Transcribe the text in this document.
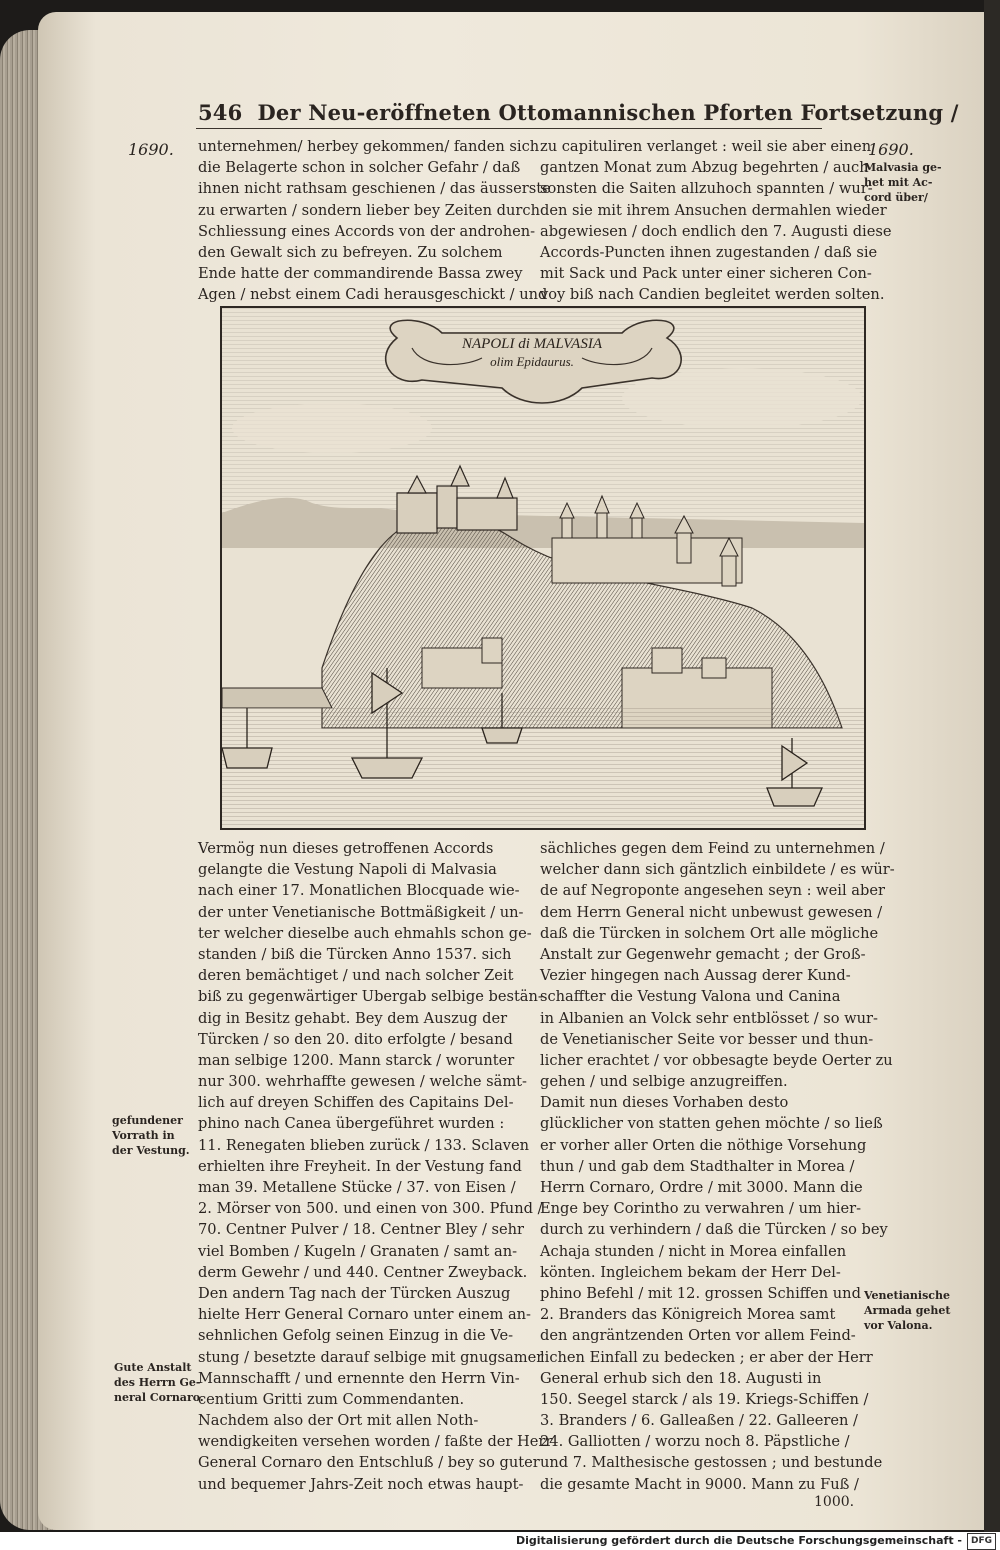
546 Der Neu-eröffneten Ottomannischen Pforten Fortsetzung /
1690.	1690.
Malvasia ge-
het mit Ac-
cord über/
gefundener
Vorrath in
der Vestung.
Gute Anstalt
des Herrn Ge-
neral Cornaro.
Venetianische
Armada gehet
vor Valona.
unternehmen/ herbey gekommen/ fanden sich
die Belagerte schon in solcher Gefahr / daß
ihnen nicht rathsam geschienen / das äusserste
zu erwarten / sondern lieber bey Zeiten durch
Schliessung eines Accords von der androhen-
den Gewalt sich zu befreyen. Zu solchem
Ende hatte der commandirende Bassa zwey
Agen / nebst einem Cadi herausgeschickt / und
zu capituliren verlanget : weil sie aber einen
gantzen Monat zum Abzug begehrten / auch
sonsten die Saiten allzuhoch spannten / wur-
den sie mit ihrem Ansuchen dermahlen wieder
abgewiesen / doch endlich den 7. Augusti diese
Accords-Puncten ihnen zugestanden / daß sie
mit Sack und Pack unter einer sicheren Con-
voy biß nach Candien begleitet werden solten.
NAPOLI di MALVASIA
olim Epidaurus.
Vermög nun dieses getroffenen Accords
gelangte die Vestung Napoli di Malvasia
nach einer 17. Monatlichen Blocquade wie-
der unter Venetianische Bottmäßigkeit / un-
ter welcher dieselbe auch ehmahls schon ge-
standen / biß die Türcken Anno 1537. sich
deren bemächtiget / und nach solcher Zeit
biß zu gegenwärtiger Ubergab selbige bestän-
dig in Besitz gehabt. Bey dem Auszug der
Türcken / so den 20. dito erfolgte / besand
man selbige 1200. Mann starck / worunter
nur 300. wehrhaffte gewesen / welche sämt-
lich auf dreyen Schiffen des Capitains Del-
phino nach Canea übergeführet wurden :
11. Renegaten blieben zurück / 133. Sclaven
erhielten ihre Freyheit. In der Vestung fand
man 39. Metallene Stücke / 37. von Eisen /
2. Mörser von 500. und einen von 300. Pfund /
70. Centner Pulver / 18. Centner Bley / sehr
viel Bomben / Kugeln / Granaten / samt an-
derm Gewehr / und 440. Centner Zweyback.
Den andern Tag nach der Türcken Auszug
hielte Herr General Cornaro unter einem an-
sehnlichen Gefolg seinen Einzug in die Ve-
stung / besetzte darauf selbige mit gnugsamer
Mannschafft / und ernennte den Herrn Vin-
centium Gritti zum Commendanten.
Nachdem also der Ort mit allen Noth-
wendigkeiten versehen worden / faßte der Herr
General Cornaro den Entschluß / bey so guter
und bequemer Jahrs-Zeit noch etwas haupt-
sächliches gegen dem Feind zu unternehmen /
welcher dann sich gäntzlich einbildete / es wür-
de auf Negroponte angesehen seyn : weil aber
dem Herrn General nicht unbewust gewesen /
daß die Türcken in solchem Ort alle mögliche
Anstalt zur Gegenwehr gemacht ; der Groß-
Vezier hingegen nach Aussag derer Kund-
schaffter die Vestung Valona und Canina
in Albanien an Volck sehr entblösset / so wur-
de Venetianischer Seite vor besser und thun-
licher erachtet / vor obbesagte beyde Oerter zu
gehen / und selbige anzugreiffen.
Damit nun dieses Vorhaben desto
glücklicher von statten gehen möchte / so ließ
er vorher aller Orten die nöthige Vorsehung
thun / und gab dem Stadthalter in Morea /
Herrn Cornaro, Ordre / mit 3000. Mann die
Enge bey Corintho zu verwahren / um hier-
durch zu verhindern / daß die Türcken / so bey
Achaja stunden / nicht in Morea einfallen
könten. Ingleichem bekam der Herr Del-
phino Befehl / mit 12. grossen Schiffen und
2. Branders das Königreich Morea samt
den angräntzenden Orten vor allem Feind-
lichen Einfall zu bedecken ; er aber der Herr
General erhub sich den 18. Augusti in
150. Seegel starck / als 19. Kriegs-Schiffen /
3. Branders / 6. Galleaßen / 22. Galleeren /
24. Galliotten / worzu noch 8. Päpstliche /
und 7. Malthesische gestossen ; und bestunde
die gesamte Macht in 9000. Mann zu Fuß /
1000.
Digitalisierung gefördert durch die Deutsche Forschungsgemeinschaft - DFG
